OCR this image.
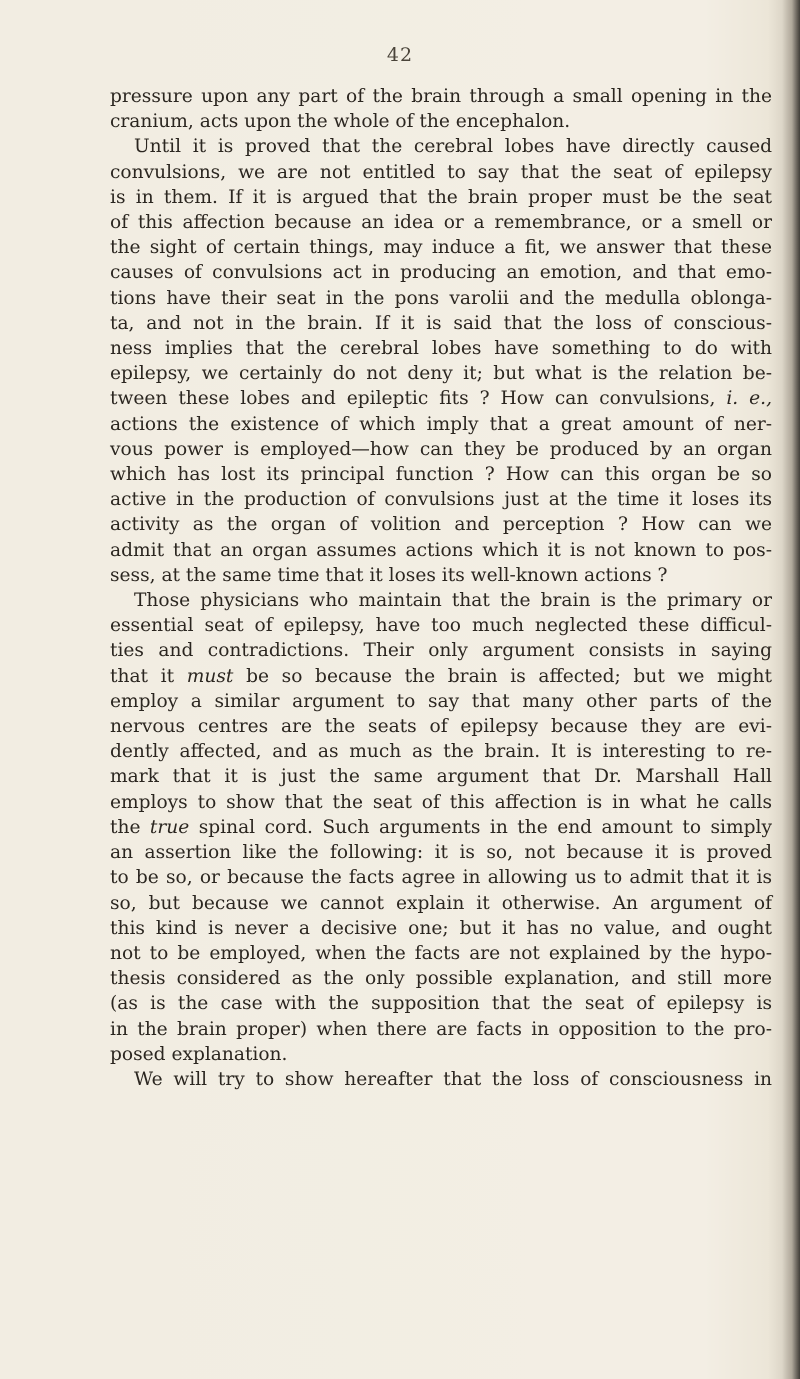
42
pressure upon any part of the brain through a small opening in the
cranium, acts upon the whole of the encephalon.
Until it is proved that the cerebral lobes have directly caused
convulsions, we are not entitled to say that the seat of epilepsy
is in them. If it is argued that the brain proper must be the seat
of this affection because an idea or a remembrance, or a smell or
the sight of certain things, may induce a fit, we answer that these
causes of convulsions act in producing an emotion, and that emo-
tions have their seat in the pons varolii and the medulla oblonga-
ta, and not in the brain. If it is said that the loss of conscious-
ness implies that the cerebral lobes have something to do with
epilepsy, we certainly do not deny it; but what is the relation be-
tween these lobes and epileptic fits ? How can convulsions, i. e.,
actions the existence of which imply that a great amount of ner-
vous power is employed—how can they be produced by an organ
which has lost its principal function ? How can this organ be so
active in the production of convulsions just at the time it loses its
activity as the organ of volition and perception ? How can we
admit that an organ assumes actions which it is not known to pos-
sess, at the same time that it loses its well-known actions ?
Those physicians who maintain that the brain is the primary or
essential seat of epilepsy, have too much neglected these difficul-
ties and contradictions. Their only argument consists in saying
that it must be so because the brain is affected; but we might
employ a similar argument to say that many other parts of the
nervous centres are the seats of epilepsy because they are evi-
dently affected, and as much as the brain. It is interesting to re-
mark that it is just the same argument that Dr. Marshall Hall
employs to show that the seat of this affection is in what he calls
the true spinal cord. Such arguments in the end amount to simply
an assertion like the following: it is so, not because it is proved
to be so, or because the facts agree in allowing us to admit that it is
so, but because we cannot explain it otherwise. An argument of
this kind is never a decisive one; but it has no value, and ought
not to be employed, when the facts are not explained by the hypo-
thesis considered as the only possible explanation, and still more
(as is the case with the supposition that the seat of epilepsy is
in the brain proper) when there are facts in opposition to the pro-
posed explanation.
We will try to show hereafter that the loss of consciousness in
